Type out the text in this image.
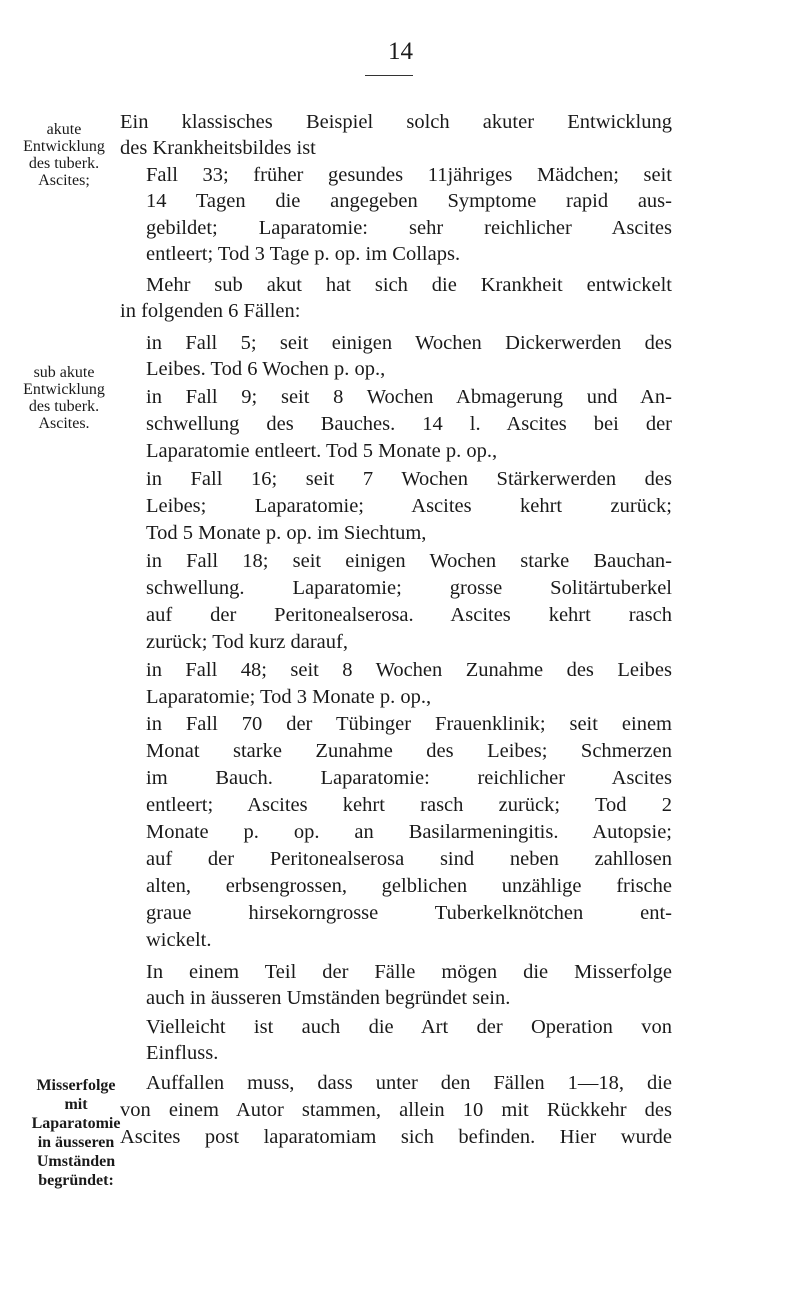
14
akute
Entwicklung
des tuberk.
Ascites;
sub akute
Entwicklung
des tuberk.
Ascites.
Misserfolge
mit
Laparatomie
in äusseren
Umständen
begründet:
Ein klassisches Beispiel solch akuter Entwicklung
des Krankheitsbildes ist
Fall 33; früher gesundes 11jähriges Mädchen; seit
14 Tagen die angegeben Symptome rapid aus-
gebildet; Laparatomie: sehr reichlicher Ascites
entleert; Tod 3 Tage p. op. im Collaps.
Mehr sub akut hat sich die Krankheit entwickelt
in folgenden 6 Fällen:
in Fall 5; seit einigen Wochen Dickerwerden des
Leibes. Tod 6 Wochen p. op.,
in Fall 9; seit 8 Wochen Abmagerung und An-
schwellung des Bauches. 14 l. Ascites bei der
Laparatomie entleert. Tod 5 Monate p. op.,
in Fall 16; seit 7 Wochen Stärkerwerden des
Leibes; Laparatomie; Ascites kehrt zurück;
Tod 5 Monate p. op. im Siechtum,
in Fall 18; seit einigen Wochen starke Bauchan-
schwellung. Laparatomie; grosse Solitärtuberkel
auf der Peritonealserosa. Ascites kehrt rasch
zurück; Tod kurz darauf,
in Fall 48; seit 8 Wochen Zunahme des Leibes
Laparatomie; Tod 3 Monate p. op.,
in Fall 70 der Tübinger Frauenklinik; seit einem
Monat starke Zunahme des Leibes; Schmerzen
im Bauch. Laparatomie: reichlicher Ascites
entleert; Ascites kehrt rasch zurück; Tod 2
Monate p. op. an Basilarmeningitis. Autopsie;
auf der Peritonealserosa sind neben zahllosen
alten, erbsengrossen, gelblichen unzählige frische
graue hirsekorngrosse Tuberkelknötchen ent-
wickelt.
In einem Teil der Fälle mögen die Misserfolge
auch in äusseren Umständen begründet sein.
Vielleicht ist auch die Art der Operation von
Einfluss.
Auffallen muss, dass unter den Fällen 1—18, die
von einem Autor stammen, allein 10 mit Rückkehr des
Ascites post laparatomiam sich befinden. Hier wurde
